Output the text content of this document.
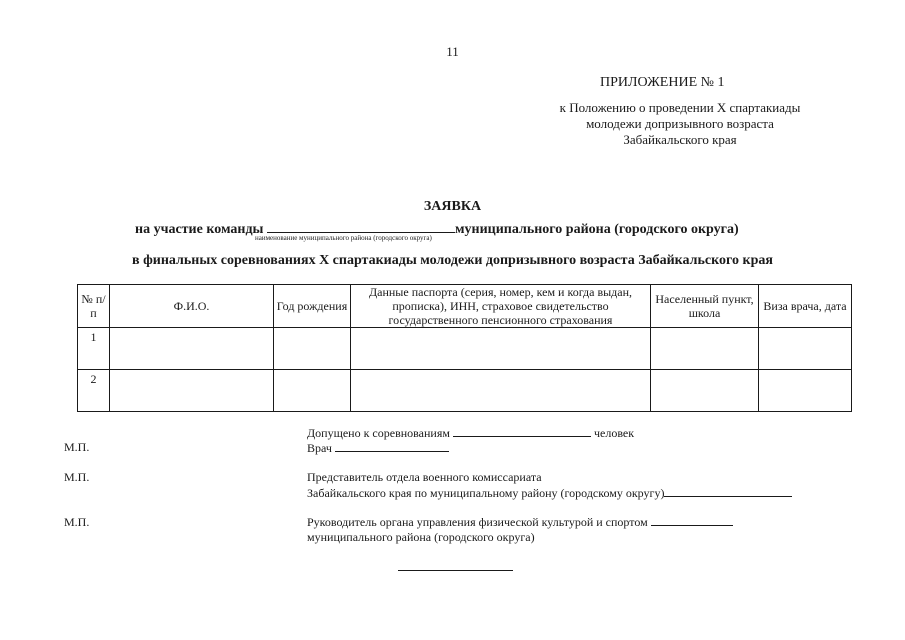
11
ПРИЛОЖЕНИЕ № 1
к Положению о проведении X спартакиады
молодежи допризывного возраста
Забайкальского края
ЗАЯВКА
на участие команды	муниципального района (городского округа)
наименование муниципального района (городского округа)
в финальных соревнованиях X спартакиады молодежи допризывного возраста Забайкальского края
№ п/п	Ф.И.О.	Год рождения	Данные паспорта (серия, номер, кем и когда выдан, прописка), ИНН, страховое свидетельство государственного пенсионного страхования	Населенный пункт, школа	Виза врача, дата
1					
2					
Допущено к соревнованиям	человек
М.П.	Врач
М.П.	Представитель отдела военного комиссариата
Забайкальского края по муниципальному району (городскому округу)
М.П.	Руководитель органа управления физической культурой и спортом
муниципального района (городского округа)
